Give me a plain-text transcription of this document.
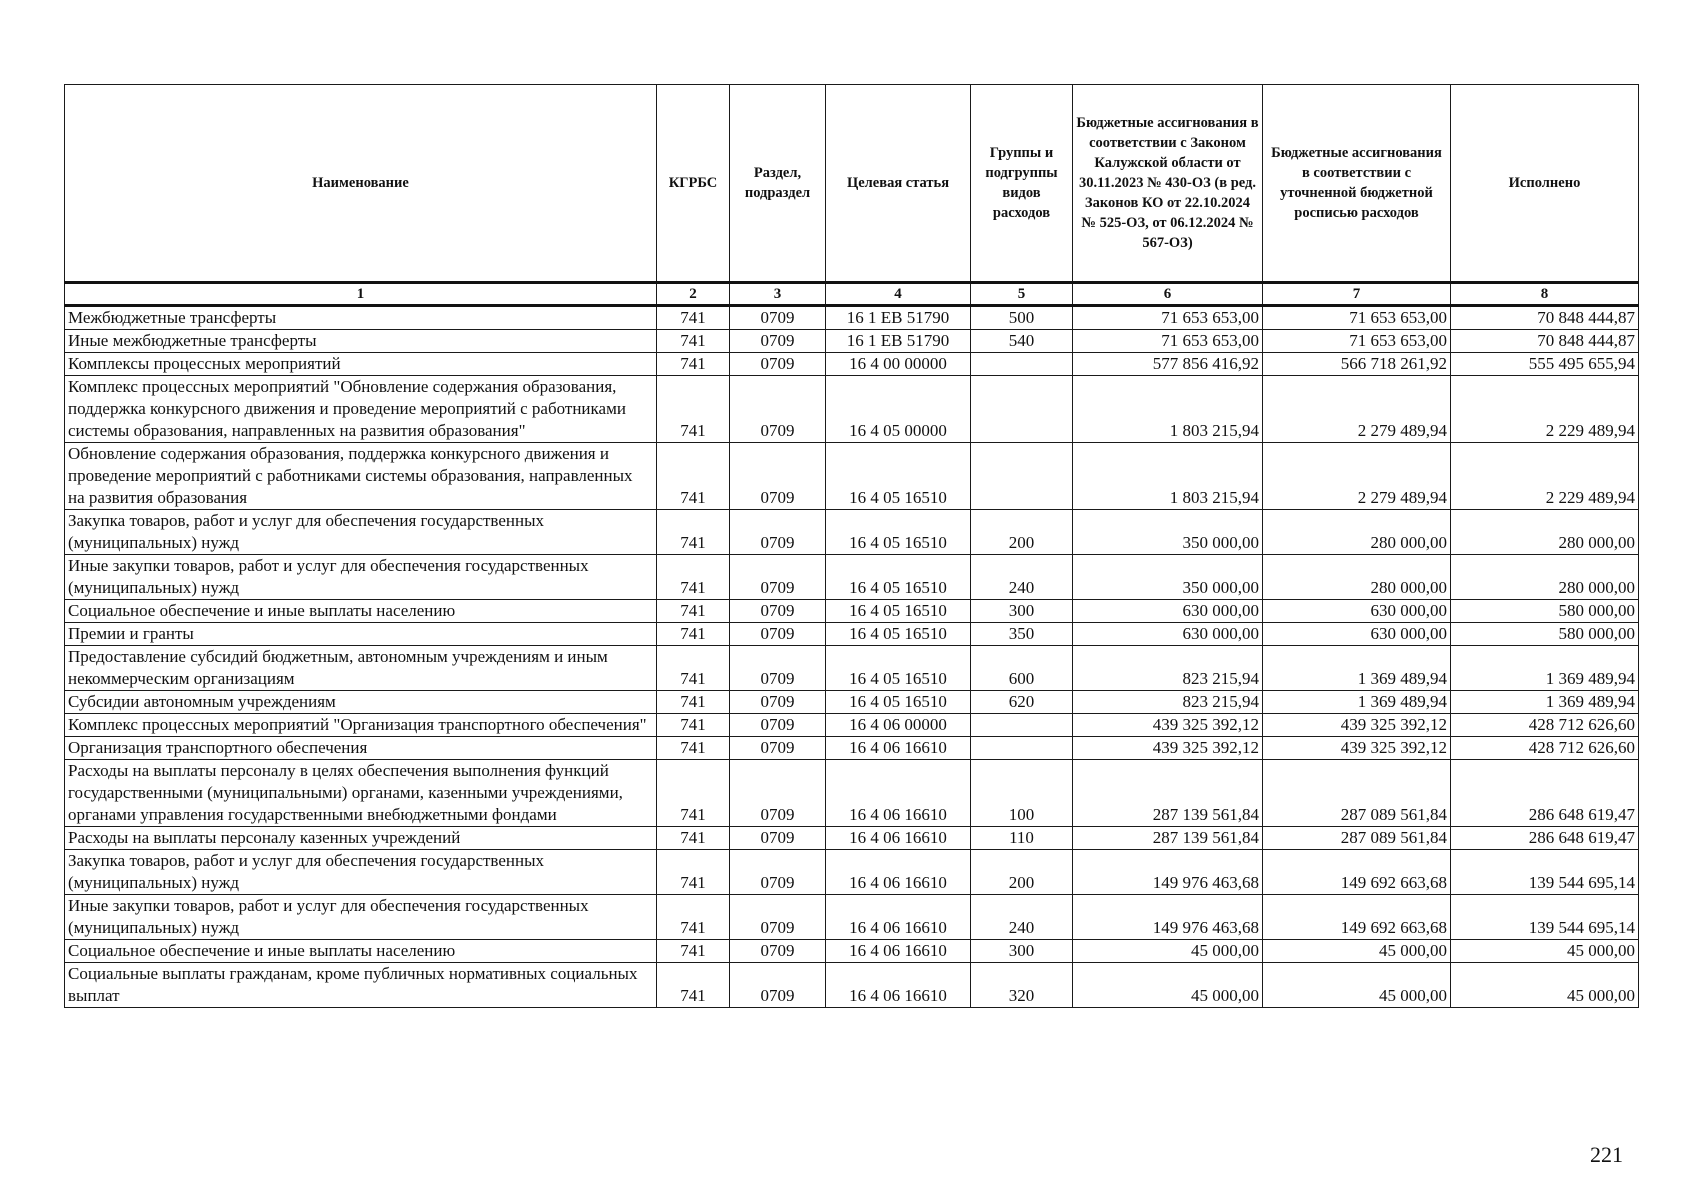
Наименование	КГРБС	Раздел, подраздел	Целевая статья	Группы и подгруппы видов расходов	Бюджетные ассигнования в соответствии с Законом Калужской области от 30.11.2023 № 430-ОЗ (в ред. Законов КО от 22.10.2024 № 525-ОЗ, от 06.12.2024 № 567-ОЗ)	Бюджетные ассигнования в соответствии с уточненной бюджетной росписью расходов	Исполнено
1	2	3	4	5	6	7	8
Межбюджетные трансферты	741	0709	16 1 ЕВ 51790	500	71 653 653,00	71 653 653,00	70 848 444,87
Иные межбюджетные трансферты	741	0709	16 1 ЕВ 51790	540	71 653 653,00	71 653 653,00	70 848 444,87
Комплексы процессных мероприятий	741	0709	16 4 00 00000		577 856 416,92	566 718 261,92	555 495 655,94
Комплекс процессных мероприятий "Обновление содержания образования, поддержка конкурсного движения и проведение мероприятий с работниками системы образования, направленных на развития образования"	741	0709	16 4 05 00000		1 803 215,94	2 279 489,94	2 229 489,94
Обновление содержания образования, поддержка конкурсного движения и проведение мероприятий с работниками системы образования, направленных на развития образования	741	0709	16 4 05 16510		1 803 215,94	2 279 489,94	2 229 489,94
Закупка товаров, работ и услуг для обеспечения государственных (муниципальных) нужд	741	0709	16 4 05 16510	200	350 000,00	280 000,00	280 000,00
Иные закупки товаров, работ и услуг для обеспечения государственных (муниципальных) нужд	741	0709	16 4 05 16510	240	350 000,00	280 000,00	280 000,00
Социальное обеспечение и иные выплаты населению	741	0709	16 4 05 16510	300	630 000,00	630 000,00	580 000,00
Премии и гранты	741	0709	16 4 05 16510	350	630 000,00	630 000,00	580 000,00
Предоставление субсидий бюджетным, автономным учреждениям и иным некоммерческим организациям	741	0709	16 4 05 16510	600	823 215,94	1 369 489,94	1 369 489,94
Субсидии автономным учреждениям	741	0709	16 4 05 16510	620	823 215,94	1 369 489,94	1 369 489,94
Комплекс процессных мероприятий "Организация транспортного обеспечения"	741	0709	16 4 06 00000		439 325 392,12	439 325 392,12	428 712 626,60
Организация транспортного обеспечения	741	0709	16 4 06 16610		439 325 392,12	439 325 392,12	428 712 626,60
Расходы на выплаты персоналу в целях обеспечения выполнения функций государственными (муниципальными) органами, казенными учреждениями, органами управления государственными внебюджетными фондами	741	0709	16 4 06 16610	100	287 139 561,84	287 089 561,84	286 648 619,47
Расходы на выплаты персоналу казенных учреждений	741	0709	16 4 06 16610	110	287 139 561,84	287 089 561,84	286 648 619,47
Закупка товаров, работ и услуг для обеспечения государственных (муниципальных) нужд	741	0709	16 4 06 16610	200	149 976 463,68	149 692 663,68	139 544 695,14
Иные закупки товаров, работ и услуг для обеспечения государственных (муниципальных) нужд	741	0709	16 4 06 16610	240	149 976 463,68	149 692 663,68	139 544 695,14
Социальное обеспечение и иные выплаты населению	741	0709	16 4 06 16610	300	45 000,00	45 000,00	45 000,00
Социальные выплаты гражданам, кроме публичных нормативных социальных выплат	741	0709	16 4 06 16610	320	45 000,00	45 000,00	45 000,00
221
